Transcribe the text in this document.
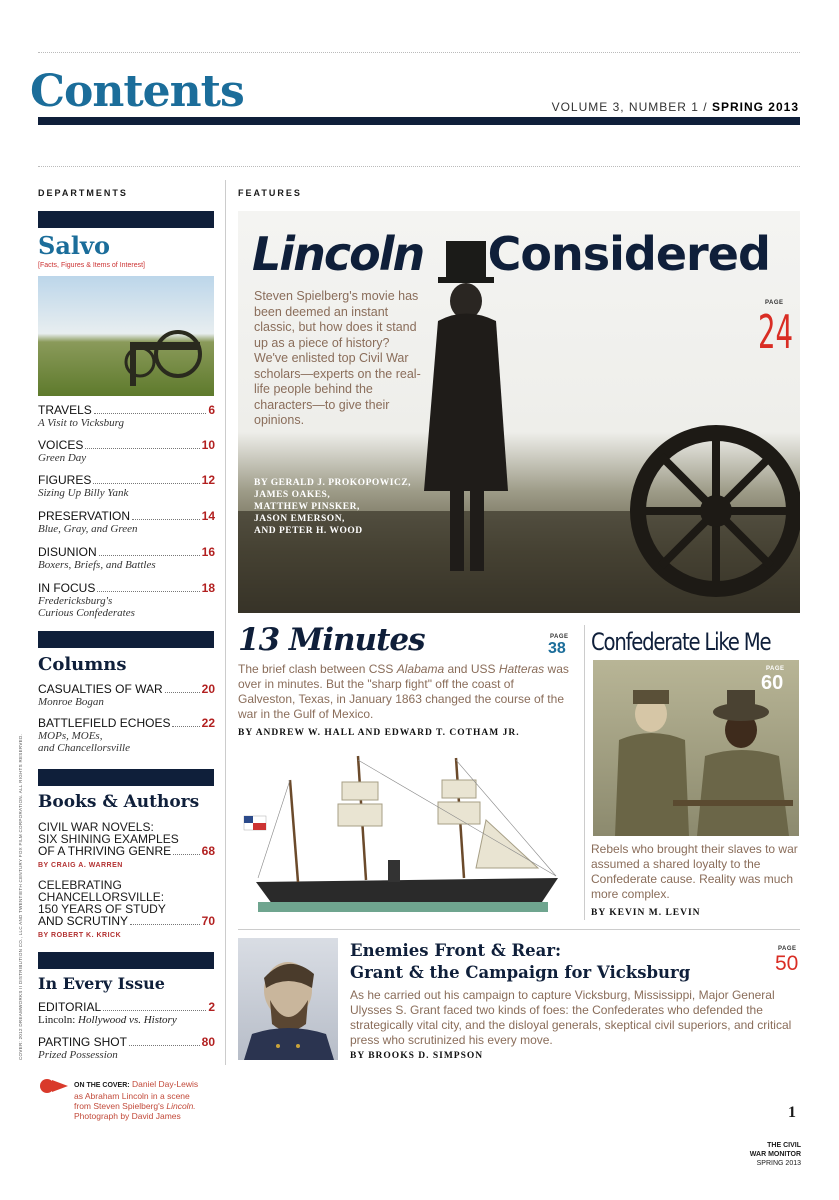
Contents	VOLUME 3, NUMBER 1 / SPRING 2013
DEPARTMENTS
Salvo
[Facts, Figures & Items of Interest]
TRAVELS	6
A Visit to Vicksburg
VOICES	10
Green Day
FIGURES	12
Sizing Up Billy Yank
PRESERVATION	14
Blue, Gray, and Green
DISUNION	16
Boxers, Briefs, and Battles
IN FOCUS	18
Fredericksburg's
Curious Confederates
Columns
CASUALTIES OF WAR	20
Monroe Bogan
BATTLEFIELD ECHOES	22
MOPs, MOEs,
and Chancellorsville
Books & Authors
CIVIL WAR NOVELS:
SIX SHINING EXAMPLES
OF A THRIVING GENRE	68
BY CRAIG A. WARREN
CELEBRATING
CHANCELLORSVILLE:
150 YEARS OF STUDY
AND SCRUTINY	70
BY ROBERT K. KRICK
In Every Issue
EDITORIAL	2
Lincoln: Hollywood vs. History
PARTING SHOT	80
Prized Possession
ON THE COVER: Daniel Day-Lewis
as Abraham Lincoln in a scene
from Steven Spielberg's Lincoln.
Photograph by David James
COVER: 2012 DREAMWORKS II DISTRIBUTION CO., LLC AND TWENTIETH CENTURY FOX FILM CORPORATION. ALL RIGHTS RESERVED.
FEATURES
Lincoln Considered
Steven Spielberg's movie has been deemed an instant classic, but how does it stand up as a piece of history? We've enlisted top Civil War scholars—experts on the real-life people behind the characters—to give their opinions.
PAGE
24
BY GERALD J. PROKOPOWICZ,
JAMES OAKES,
MATTHEW PINSKER,
JASON EMERSON,
AND PETER H. WOOD
13 Minutes	PAGE
38
The brief clash between CSS Alabama and USS Hatteras was over in minutes. But the "sharp fight" off the coast of Galveston, Texas, in January 1863 changed the course of the war in the Gulf of Mexico.
BY ANDREW W. HALL AND EDWARD T. COTHAM JR.
Confederate Like Me
PAGE
60
Rebels who brought their slaves to war assumed a shared loyalty to the Confederate cause. Reality was much more complex.
BY KEVIN M. LEVIN
Enemies Front & Rear:
Grant & the Campaign for Vicksburg
PAGE
50
As he carried out his campaign to capture Vicksburg, Mississippi, Major General Ulysses S. Grant faced two kinds of foes: the Confederates who defended the strategically vital city, and the disloyal generals, skeptical civil superiors, and critical press who scrutinized his every move.
BY BROOKS D. SIMPSON
1
THE CIVIL
WAR MONITOR
SPRING 2013
